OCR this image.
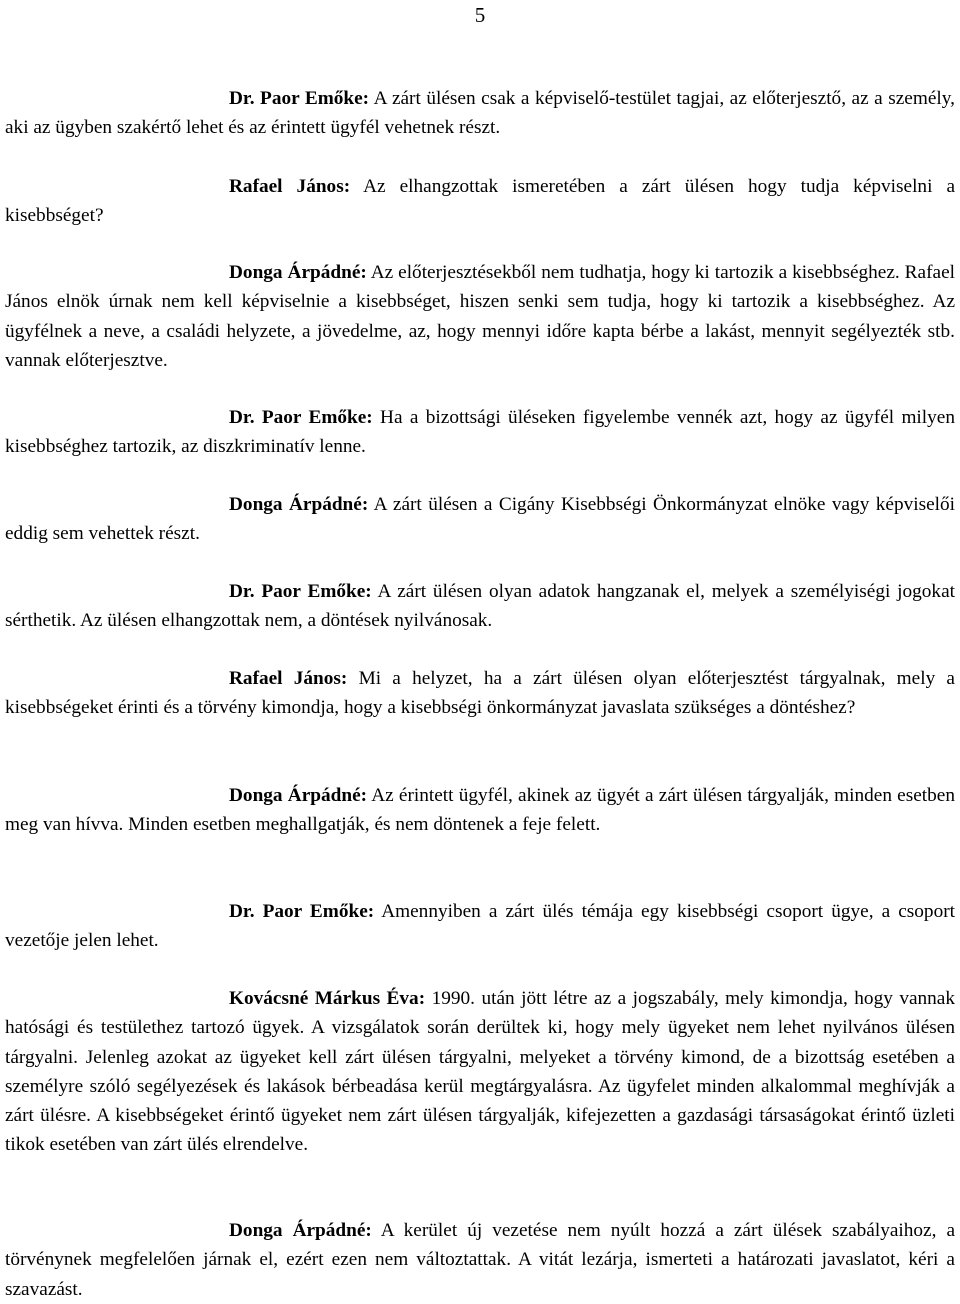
5

Dr. Paor Emőke: A zárt ülésen csak a képviselő-testület tagjai, az előterjesztő, az a személy, aki az ügyben szakértő lehet és az érintett ügyfél vehetnek részt.

Rafael János: Az elhangzottak ismeretében a zárt ülésen hogy tudja képviselni a kisebbséget?

Donga Árpádné: Az előterjesztésekből nem tudhatja, hogy ki tartozik a kisebbséghez. Rafael János elnök úrnak nem kell képviselnie a kisebbséget, hiszen senki sem tudja, hogy ki tartozik a kisebbséghez. Az ügyfélnek a neve, a családi helyzete, a jövedelme, az, hogy mennyi időre kapta bérbe a lakást, mennyit segélyezték stb. vannak előterjesztve.

Dr. Paor Emőke: Ha a bizottsági üléseken figyelembe vennék azt, hogy az ügyfél milyen kisebbséghez tartozik, az diszkriminatív lenne.

Donga Árpádné: A zárt ülésen a Cigány Kisebbségi Önkormányzat elnöke vagy képviselői eddig sem vehettek részt.

Dr. Paor Emőke: A zárt ülésen olyan adatok hangzanak el, melyek a személyiségi jogokat sérthetik. Az ülésen elhangzottak nem, a döntések nyilvánosak.

Rafael János: Mi a helyzet, ha a zárt ülésen olyan előterjesztést tárgyalnak, mely a kisebbségeket érinti és a törvény kimondja, hogy a kisebbségi önkormányzat javaslata szükséges a döntéshez?

Donga Árpádné: Az érintett ügyfél, akinek az ügyét a zárt ülésen tárgyalják, minden esetben meg van hívva. Minden esetben meghallgatják, és nem döntenek a feje felett.

Dr. Paor Emőke: Amennyiben a zárt ülés témája egy kisebbségi csoport ügye, a csoport vezetője jelen lehet.

Kovácsné Márkus Éva: 1990. után jött létre az a jogszabály, mely kimondja, hogy vannak hatósági és testülethez tartozó ügyek. A vizsgálatok során derültek ki, hogy mely ügyeket nem lehet nyilvános ülésen tárgyalni. Jelenleg azokat az ügyeket kell zárt ülésen tárgyalni, melyeket a törvény kimond, de a bizottság esetében a személyre szóló segélyezések és lakások bérbeadása kerül megtárgyalásra. Az ügyfelet minden alkalommal meghívják a zárt ülésre. A kisebbségeket érintő ügyeket nem zárt ülésen tárgyalják, kifejezetten a gazdasági társaságokat érintő üzleti tikok esetében van zárt ülés elrendelve.

Donga Árpádné: A kerület új vezetése nem nyúlt hozzá a zárt ülések szabályaihoz, a törvénynek megfelelően járnak el, ezért ezen nem változtattak. A vitát lezárja, ismerteti a határozati javaslatot, kéri a szavazást.
